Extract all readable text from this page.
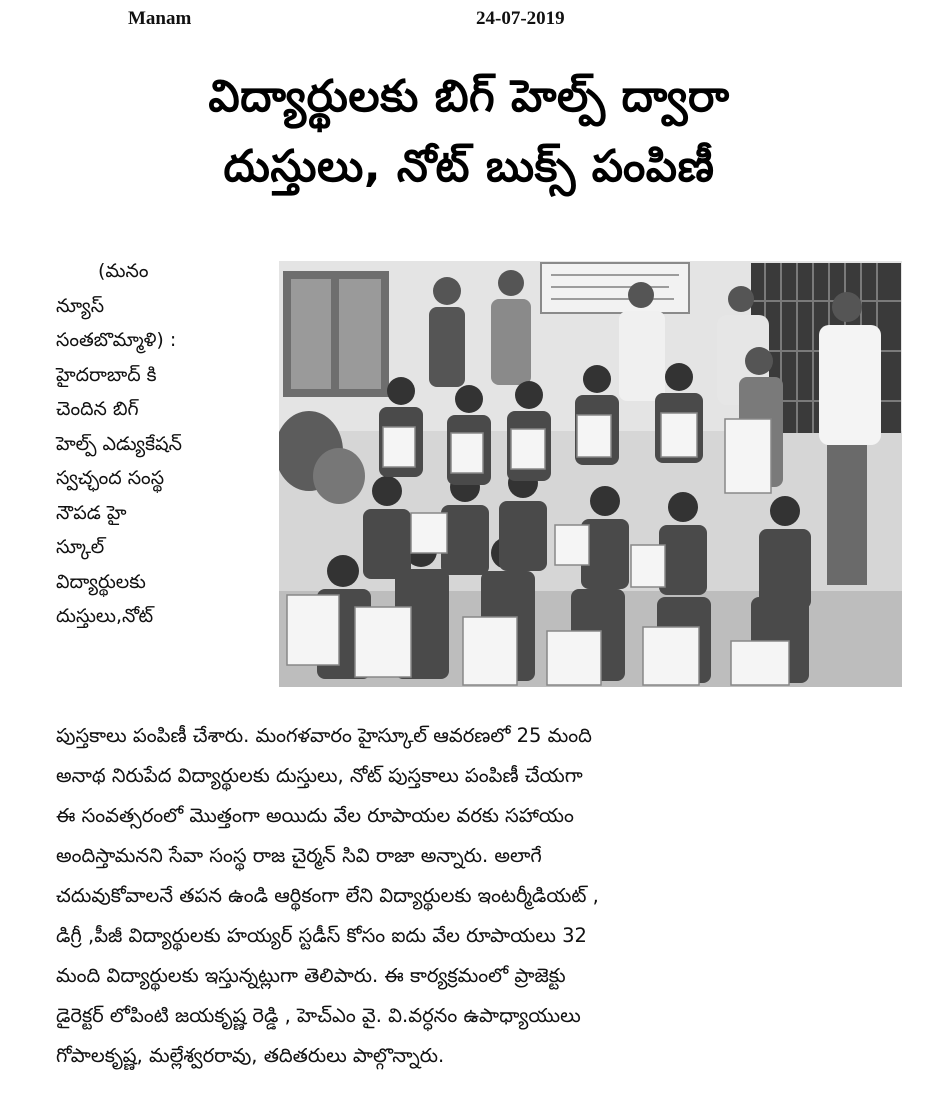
Manam	24-07-2019
విద్యార్థులకు బిగ్ హెల్ప్ ద్వారా
దుస్తులు, నోట్ బుక్స్ పంపిణీ
(మనం
న్యూస్
సంతబొమ్మాళి) :
హైదరాబాద్ కి
చెందిన బిగ్
హెల్ప్ ఎడ్యుకేషన్
స్వచ్ఛంద సంస్థ
నౌపడ హై
స్కూల్
విద్యార్థులకు
దుస్తులు,నోట్
పుస్తకాలు పంపిణీ చేశారు. మంగళవారం హైస్కూల్ ఆవరణలో 25 మంది
అనాథ నిరుపేద విద్యార్థులకు దుస్తులు, నోట్ పుస్తకాలు పంపిణీ చేయగా
ఈ సంవత్సరంలో మొత్తంగా అయిదు వేల రూపాయల వరకు సహాయం
అందిస్తామనని సేవా సంస్థ రాజ చైర్మన్ సివి రాజా అన్నారు. అలాగే
చదువుకోవాలనే తపన ఉండి ఆర్థికంగా లేని విద్యార్థులకు ఇంటర్మీడియట్ ,
డిగ్రీ ,పీజీ విద్యార్థులకు హయ్యర్ స్టడీస్ కోసం ఐదు వేల రూపాయలు 32
మంది విద్యార్థులకు ఇస్తున్నట్లుగా తెలిపారు. ఈ కార్యక్రమంలో ప్రాజెక్టు
డైరెక్టర్ లోపింటి జయకృష్ణ రెడ్డి , హెచ్ఎం వై. వి.వర్ధనం ఉపాధ్యాయులు
గోపాలకృష్ణ, మల్లేశ్వరరావు, తదితరులు పాల్గొన్నారు.
